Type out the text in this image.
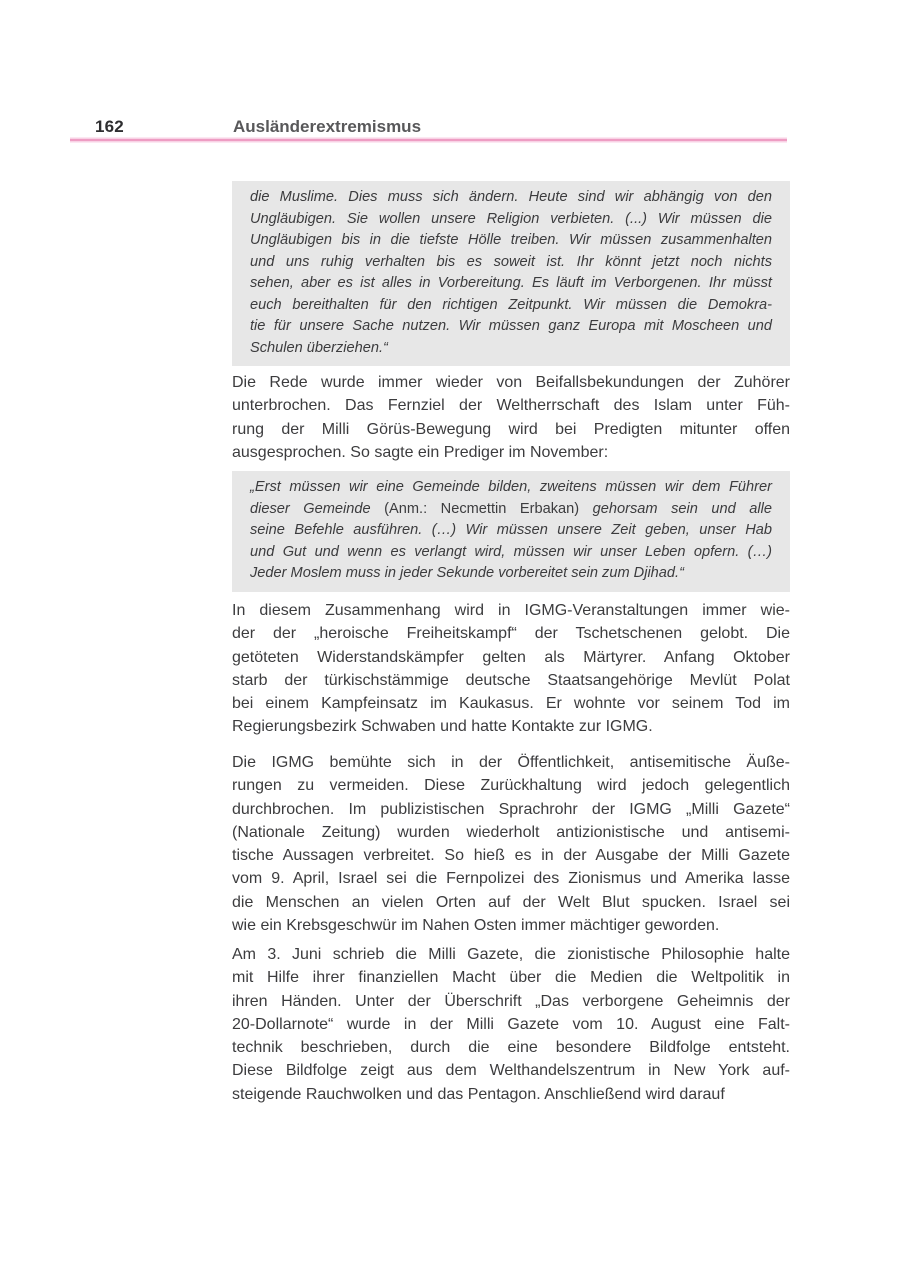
162	Ausländerextremismus
die Muslime. Dies muss sich ändern. Heute sind wir abhängig von den
Ungläubigen. Sie wollen unsere Religion verbieten. (...) Wir müssen die
Ungläubigen bis in die tiefste Hölle treiben. Wir müssen zusammenhalten
und uns ruhig verhalten bis es soweit ist. Ihr könnt jetzt noch nichts
sehen, aber es ist alles in Vorbereitung. Es läuft im Verborgenen. Ihr müsst
euch bereithalten für den richtigen Zeitpunkt. Wir müssen die Demokra-
tie für unsere Sache nutzen. Wir müssen ganz Europa mit Moscheen und
Schulen überziehen.“
Die Rede wurde immer wieder von Beifallsbekundungen der Zuhörer
unterbrochen. Das Fernziel der Weltherrschaft des Islam unter Füh-
rung der Milli Görüs-Bewegung wird bei Predigten mitunter offen
ausgesprochen. So sagte ein Prediger im November:
„Erst müssen wir eine Gemeinde bilden, zweitens müssen wir dem Führer
dieser Gemeinde (Anm.: Necmettin Erbakan) gehorsam sein und alle
seine Befehle ausführen. (…) Wir müssen unsere Zeit geben, unser Hab
und Gut und wenn es verlangt wird, müssen wir unser Leben opfern. (…)
Jeder Moslem muss in jeder Sekunde vorbereitet sein zum Djihad.“
In diesem Zusammenhang wird in IGMG-Veranstaltungen immer wie-
der der „heroische Freiheitskampf“ der Tschetschenen gelobt. Die
getöteten Widerstandskämpfer gelten als Märtyrer. Anfang Oktober
starb der türkischstämmige deutsche Staatsangehörige Mevlüt Polat
bei einem Kampfeinsatz im Kaukasus. Er wohnte vor seinem Tod im
Regierungsbezirk Schwaben und hatte Kontakte zur IGMG.
Die IGMG bemühte sich in der Öffentlichkeit, antisemitische Äuße-
rungen zu vermeiden. Diese Zurückhaltung wird jedoch gelegentlich
durchbrochen. Im publizistischen Sprachrohr der IGMG „Milli Gazete“
(Nationale Zeitung) wurden wiederholt antizionistische und antisemi-
tische Aussagen verbreitet. So hieß es in der Ausgabe der Milli Gazete
vom 9. April, Israel sei die Fernpolizei des Zionismus und Amerika lasse
die Menschen an vielen Orten auf der Welt Blut spucken. Israel sei
wie ein Krebsgeschwür im Nahen Osten immer mächtiger geworden.
Am 3. Juni schrieb die Milli Gazete, die zionistische Philosophie halte
mit Hilfe ihrer finanziellen Macht über die Medien die Weltpolitik in
ihren Händen. Unter der Überschrift „Das verborgene Geheimnis der
20-Dollarnote“ wurde in der Milli Gazete vom 10. August eine Falt-
technik beschrieben, durch die eine besondere Bildfolge entsteht.
Diese Bildfolge zeigt aus dem Welthandelszentrum in New York auf-
steigende Rauchwolken und das Pentagon. Anschließend wird darauf
